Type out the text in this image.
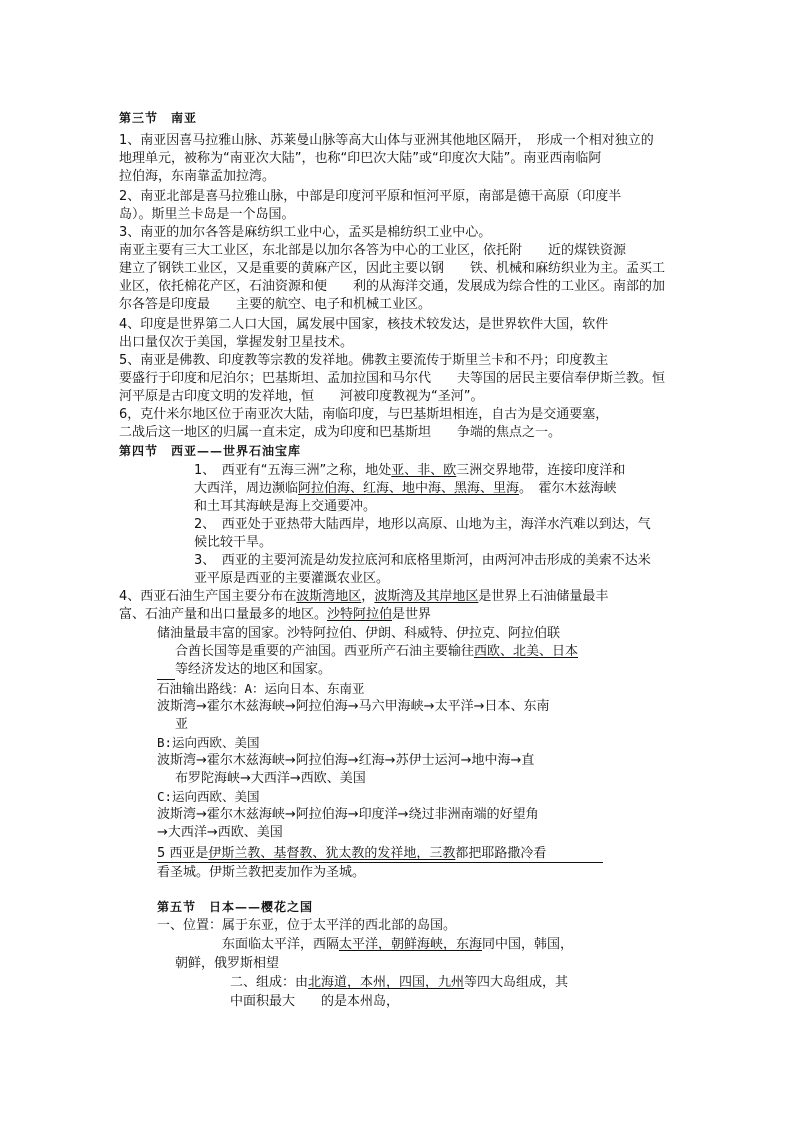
第三节　南亚
1、南亚因喜马拉雅山脉、苏莱曼山脉等高大山体与亚洲其他地区隔开，　形成一个相对独立的
地理单元，被称为“南亚次大陆”，也称“印巴次大陆”或“印度次大陆”。南亚西南临阿
拉伯海，东南靠孟加拉湾。
2、南亚北部是喜马拉雅山脉，中部是印度河平原和恒河平原，南部是德干高原（印度半
岛）。斯里兰卡岛是一个岛国。
3、南亚的加尔各答是麻纺织工业中心，孟买是棉纺织工业中心。
南亚主要有三大工业区，东北部是以加尔各答为中心的工业区，依托附　　近的煤铁资源
建立了钢铁工业区，又是重要的黄麻产区，因此主要以钢　　铁、机械和麻纺织业为主。孟买工
业区，依托棉花产区，石油资源和便　　利的从海洋交通，发展成为综合性的工业区。南部的加
尔各答是印度最　　主要的航空、电子和机械工业区。
4、印度是世界第二人口大国，属发展中国家，核技术较发达，是世界软件大国，软件
出口量仅次于美国，掌握发射卫星技术。
5、南亚是佛教、印度教等宗教的发祥地。佛教主要流传于斯里兰卡和不丹；印度教主
要盛行于印度和尼泊尔；巴基斯坦、孟加拉国和马尔代　　夫等国的居民主要信奉伊斯兰教。恒
河平原是古印度文明的发祥地，恒　　河被印度教视为“圣河”。
6，克什米尔地区位于南亚次大陆，南临印度，与巴基斯坦相连，自古为是交通要塞，
二战后这一地区的归属一直未定，成为印度和巴基斯坦　　争端的焦点之一。
第四节　西亚——世界石油宝库
1、　西亚有“五海三洲”之称，地处亚、非、欧三洲交界地带，连接印度洋和
大西洋，周边濒临阿拉伯海、红海、地中海、黑海、里海。　霍尔木兹海峡
和土耳其海峡是海上交通要冲。
2、　西亚处于亚热带大陆西岸，地形以高原、山地为主，海洋水汽难以到达，气
候比较干旱。
3、　西亚的主要河流是幼发拉底河和底格里斯河，由两河冲击形成的美索不达米
亚平原是西亚的主要灌溉农业区。
4、西亚石油生产国主要分布在波斯湾地区，波斯湾及其岸地区是世界上石油储量最丰
富、石油产量和出口量最多的地区。沙特阿拉伯是世界
储油量最丰富的国家。沙特阿拉伯、伊朗、科威特、伊拉克、阿拉伯联
合酋长国等是重要的产油国。西亚所产石油主要输往西欧、北美、日本
等经济发达的地区和国家。
石油输出路线：A：运向日本、东南亚
波斯湾→霍尔木兹海峡→阿拉伯海→马六甲海峡→太平洋→日本、东南
亚
B:运向西欧、美国
波斯湾→霍尔木兹海峡→阿拉伯海→红海→苏伊士运河→地中海→直
布罗陀海峡→大西洋→西欧、美国
C:运向西欧、美国
波斯湾→霍尔木兹海峡→阿拉伯海→印度洋→绕过非洲南端的好望角
→大西洋→西欧、美国
5 西亚是伊斯兰教、基督教、犹太教的发祥地，三教都把耶路撒冷看
看圣城。伊斯兰教把麦加作为圣城。
第五节　日本——樱花之国
一、位置：属于东亚，位于太平洋的西北部的岛国。
东面临太平洋，西隔太平洋，朝鲜海峡，东海同中国，韩国，
朝鲜，俄罗斯相望
二、组成：由北海道，本州，四国，九州等四大岛组成，其
中面积最大　　的是本州岛，
